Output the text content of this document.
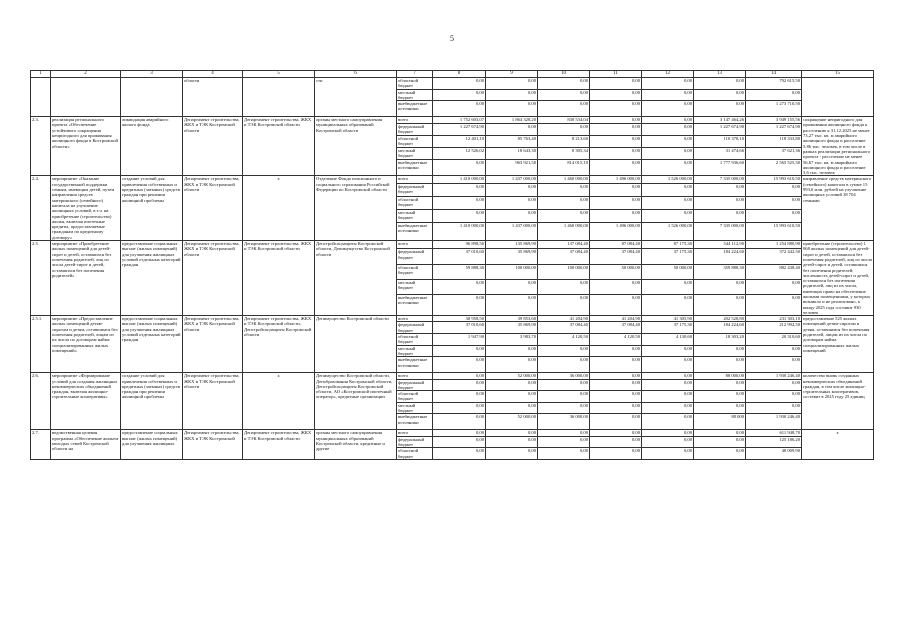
5
1	2	3	4	5	6	7	8	9	10	11	12	13	14	15
			области		сти	областной бюджет	0,00	0,00	0,00	0,00	0,00	0,00	792 615,50	
						местный бюджет	0,00	0,00	0,00	0,00	0,00	0,00	0,00	
						внебюджетные источники	0,00	0,00	0,00	0,00	0,00	0,00	1 273 710,50	
2.3.	реализация регионального проекта «Обеспечение устойчивого сокращения непригодного для проживания жилищного фонда в Костромской области»	ликвидация аварийного жилого фонда	Департамент строительства, ЖКХ и ТЭК Костромской области	Департамент строительства, ЖКХ и ТЭК Костромской области	органы местного самоуправления муниципальных образований Костромской области	всего	1 752 603,07	1 864 328,20	830 534,04	0,00	0,00	3 147 464,26	3 949 155,56	сокращение непригодного для проживания жилищного фонда к расселению к 31.12.2025 не менее 73,27 тыс. кв. м аварийного жилищного фонда и расселение 5,86 тыс. человек, в том числе в рамках реализации регионального проекта - расселение не менее 56,67 тыс. кв. м аварийного жилищного фонда и расселение 3,6 тыс. человек
						федеральный бюджет	1 227 674,90	0,00	0,00	0,00	0,00	1 227 674,90	1 227 674,90	
						областной бюджет	12 401,10	85 763,40	8 213,60	0,00	0,00	110 378,10	118 333,80	
						местный бюджет	12 526,02	18 643,30	8 305,34	0,00	0,00	31 474,66	37 621,36	
						внебюджетные источники	0,00	963 921,50	814 015,10	0,00	0,00	1 777 936,60	2 565 525,30	
2.4.	мероприятие «Оказание государственной поддержки семьям, имеющим детей, путем направления средств материнского (семейного) капитала на улучшение жилищных условий, в т.ч. на приобретение (строительство) жилья, включая ипотечные кредиты, предоставляемые гражданам по кредитному договору»	создание условий для привлечения собственных и кредитных (заемных) средств граждан при решении жилищной проблемы	Департамент строительства, ЖКХ и ТЭК Костромской области	х	Отделение Фонда пенсионного и социального страхования Российской Федерации по Костромской области	всего	1 410 000,00	1 437 000,00	1 460 000,00	1 496 000,00	1 526 000,00	7 335 000,00	15 993 610,50	направление средств материнского (семейного) капитала в сумме 15 993,6 млн. рублей на улучшение жилищных условий 38 704 семьями
						федеральный бюджет	0,00	0,00	0,00	0,00	0,00	0,00	0,00	
						областной бюджет	0,00	0,00	0,00	0,00	0,00	0,00	0,00	
						местный бюджет	0,00	0,00	0,00	0,00	0,00	0,00	0,00	
						внебюджетные источники	1 410 000,00	1 437 000,00	1 460 000,00	1 496 000,00	1 526 000,00	7 335 000,00	15 993 610,50	
2.5.	мероприятие «Приобретение жилых помещений для детей-сирот и детей, оставшихся без попечения родителей, лиц из числа детей-сирот и детей, оставшихся без попечения родителей»	предоставление социальных выплат (жилых помещений) для улучшения жилищных условий отдельных категорий граждан	Департамент строительства, ЖКХ и ТЭК Костромской области	Департамент строительства, ЖКХ и ТЭК Костромской области	Депстройсоцзащиты Костромской области, Депимущество Костромской области	всего	96 898,50	135 869,90	137 084,40	87 084,40	87 175,30	544 112,90	1 254 880,90	приобретение (строительство) 1 068 жилых помещений для детей-сирот и детей, оставшихся без попечения родителей, лиц из числа детей-сирот и детей, оставшихся без попечения родителей; численность детей-сирот и детей, оставшихся без попечения родителей, лиц из их числа, имеющих право на обеспечение жилыми помещениями, у которых возникло и не реализовано, к концу 2025 года составит 930 человек
						федеральный бюджет	37 010,60	35 869,90	37 084,40	37 084,40	37 175,30	184 224,60	372 442,50	
						областной бюджет	59 888,30	100 000,00	100 000,00	50 000,00	50 000,00	359 888,30	882 438,40	
						местный бюджет	0,00	0,00	0,00	0,00	0,00	0,00	0,00	
						внебюджетные источники	0,00	0,00	0,00	0,00	0,00	0,00	0,00	
2.5.1.	мероприятие «Предоставление жилых помещений детям-сиротам и детям, оставшимся без попечения родителей, лицам из их числа по договорам найма специализированных жилых помещений»	предоставление социальных выплат (жилых помещений) для улучшения жилищных условий отдельных категорий граждан	Департамент строительства, ЖКХ и ТЭК Костромской области	Департамент строительства, ЖКХ и ТЭК Костромской области, Депстройсоцзащиты Костромской области	Депимущество Костромской области	всего	38 958,50	39 853,60	41 204,90	41 204,90	41 305,90	202 528,80	231 303,10	предоставление 525 жилых помещений детям-сиротам и детям, оставшимся без попечения родителей, лицам из их числа по договорам найма специализированных жилых помещений
						федеральный бюджет	37 010,60	35 869,90	37 084,40	37 084,40	37 175,30	184 224,60	212 992,50	
						областной бюджет	1 947,90	3 983,70	4 120,50	4 120,50	4 130,60	18 303,20	20 310,60	
						местный бюджет	0,00	0,00	0,00	0,00	0,00	0,00	0,00	
						внебюджетные источники	0,00	0,00	0,00	0,00	0,00	0,00	0,00	
2.6.	мероприятие «Формирование условий для создания жилищных некоммерческих объединений граждан, включая жилищно-строительные кооперативы»	создание условий для привлечения собственных и кредитных (заемных) средств граждан при решении жилищной проблемы	Департамент строительства, ЖКХ и ТЭК Костромской области	х	Депимущество Костромской области, Депобразования Костромской области, Депстройсоцзащиты Костромской области, АО «Костромской ипотечный оператор», кредитные организации	всего	0,00	52 000,00	36 000,00	0,00	0,00	88 000,00	1 930 246,40	количество вновь созданных некоммерческих объединений граждан, в том числе жилищно-строительных кооперативов, составит в 2025 году 25 единиц
						федеральный бюджет	0,00	0,00	0,00	0,00	0,00	0,00	0,00	
						областной бюджет	0,00	0,00	0,00	0,00	0,00	0,00	0,00	
						местный бюджет	0,00	0,00	0,00	0,00	0,00	0,00	0,00	
						внебюджетные источники	0,00	52 000,00	36 000,00	0,00	0,00	88 000	1 930 246,40	
2.7.	ведомственная целевая программа «Обеспечение жильем молодых семей Костромской области на	предоставление социальных выплат (жилых помещений) для улучшения жилищных	Департамент строительства, ЖКХ и ТЭК Костромской	Департамент строительства, ЖКХ и ТЭК Костромской области	органы местного самоуправления муниципальных образований Костромской области, кредитные и другие	всего	0,00	0,00	0,00	0,00	0,00	0,00	611 948,70	х
						федеральный бюджет	0,00	0,00	0,00	0,00	0,00	0,00	125 186,20	
						областной бюджет	0,00	0,00	0,00	0,00	0,00	0,00	48 009,90	
